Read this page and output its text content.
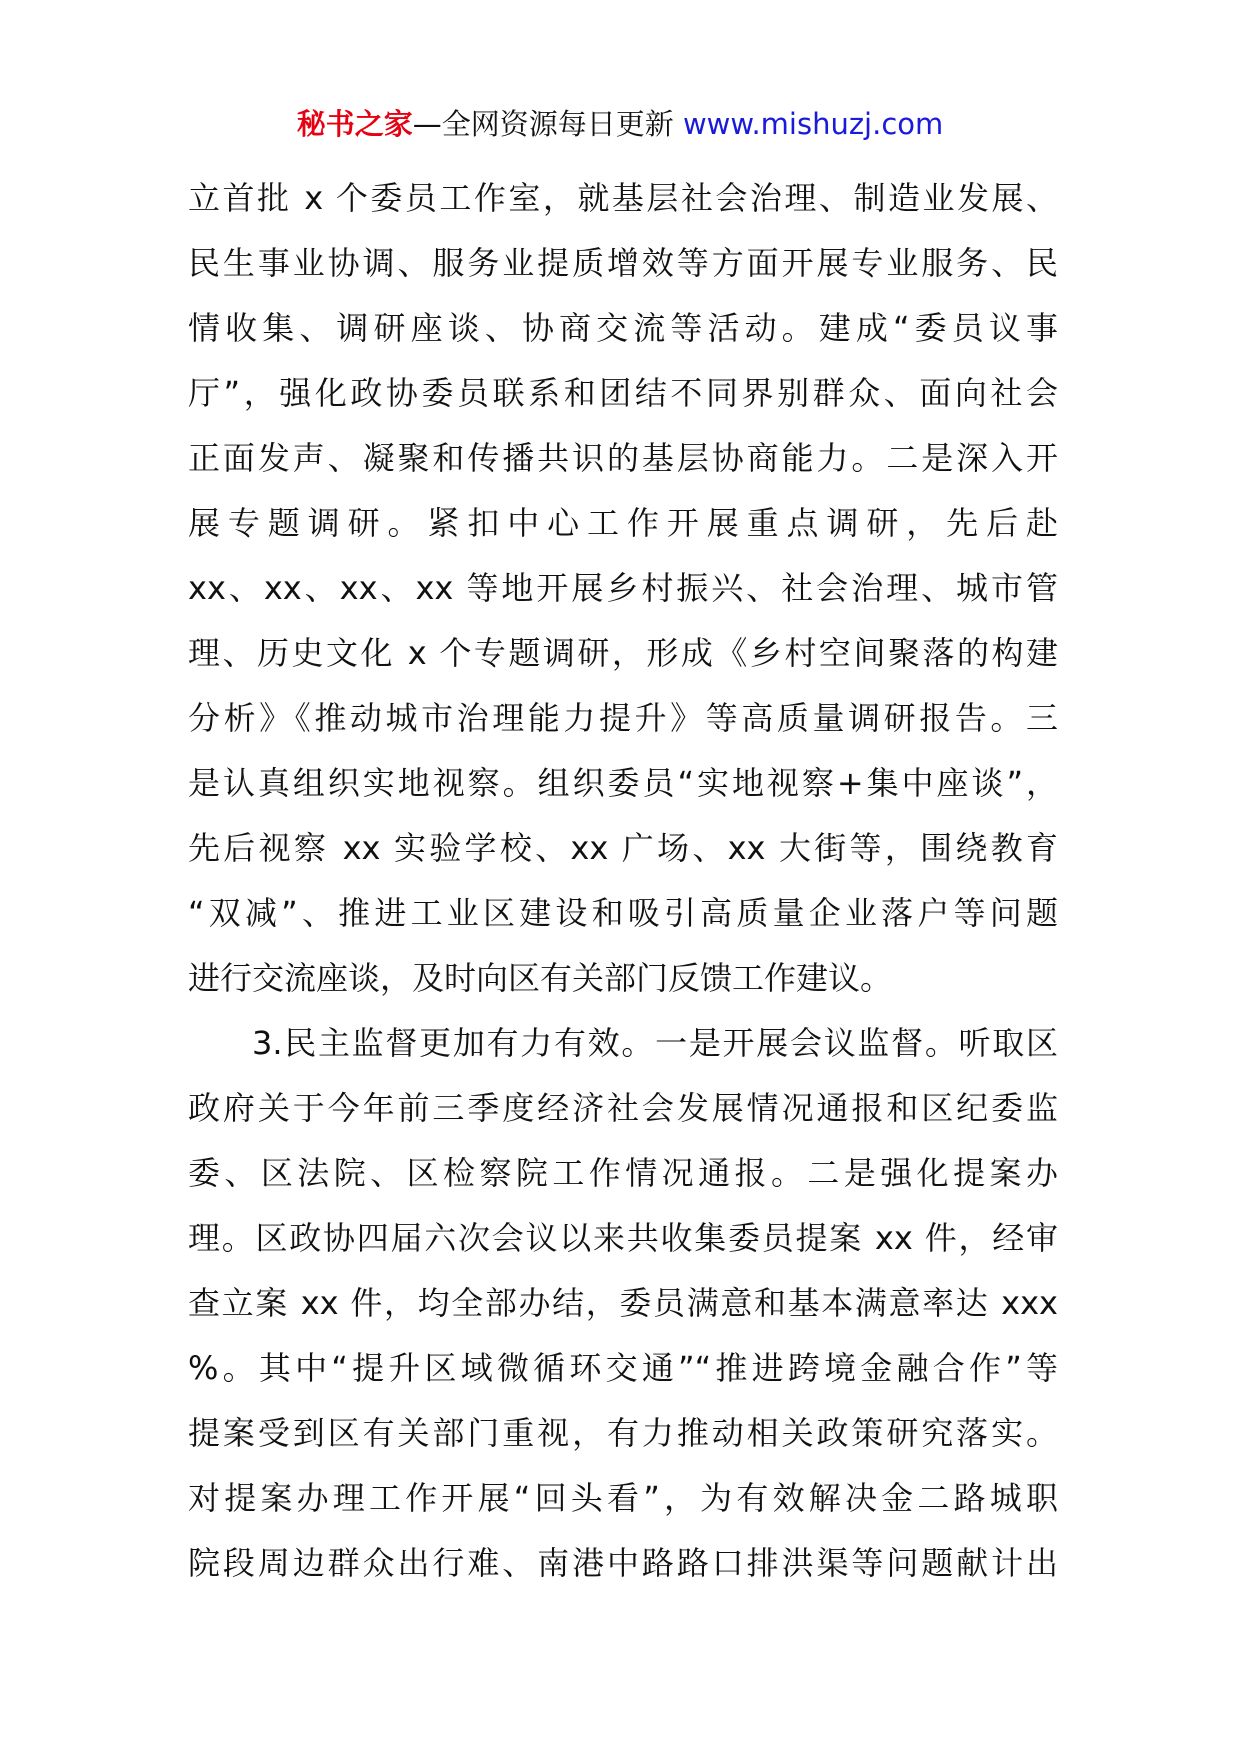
秘书之家—全网资源每日更新 www.mishuzj.com

立首批 x 个委员工作室，就基层社会治理、制造业发展、

民生事业协调、服务业提质增效等方面开展专业服务、民

情收集、调研座谈、协商交流等活动。建成“委员议事

厅”，强化政协委员联系和团结不同界别群众、面向社会

正面发声、凝聚和传播共识的基层协商能力。二是深入开

展专题调研。紧扣中心工作开展重点调研，先后赴

xx、xx、xx、xx 等地开展乡村振兴、社会治理、城市管

理、历史文化 x 个专题调研，形成《乡村空间聚落的构建

分析》《推动城市治理能力提升》等高质量调研报告。三

是认真组织实地视察。组织委员“实地视察+集中座谈”，

先后视察 xx 实验学校、xx 广场、xx 大街等，围绕教育

“双减”、推进工业区建设和吸引高质量企业落户等问题

进行交流座谈，及时向区有关部门反馈工作建议。

3.民主监督更加有力有效。一是开展会议监督。听取区

政府关于今年前三季度经济社会发展情况通报和区纪委监

委、区法院、区检察院工作情况通报。二是强化提案办

理。区政协四届六次会议以来共收集委员提案 xx 件，经审

查立案 xx 件，均全部办结，委员满意和基本满意率达 xxx

%。其中“提升区域微循环交通”“推进跨境金融合作”等

提案受到区有关部门重视，有力推动相关政策研究落实。

对提案办理工作开展“回头看”，为有效解决金二路城职

院段周边群众出行难、南港中路路口排洪渠等问题献计出
